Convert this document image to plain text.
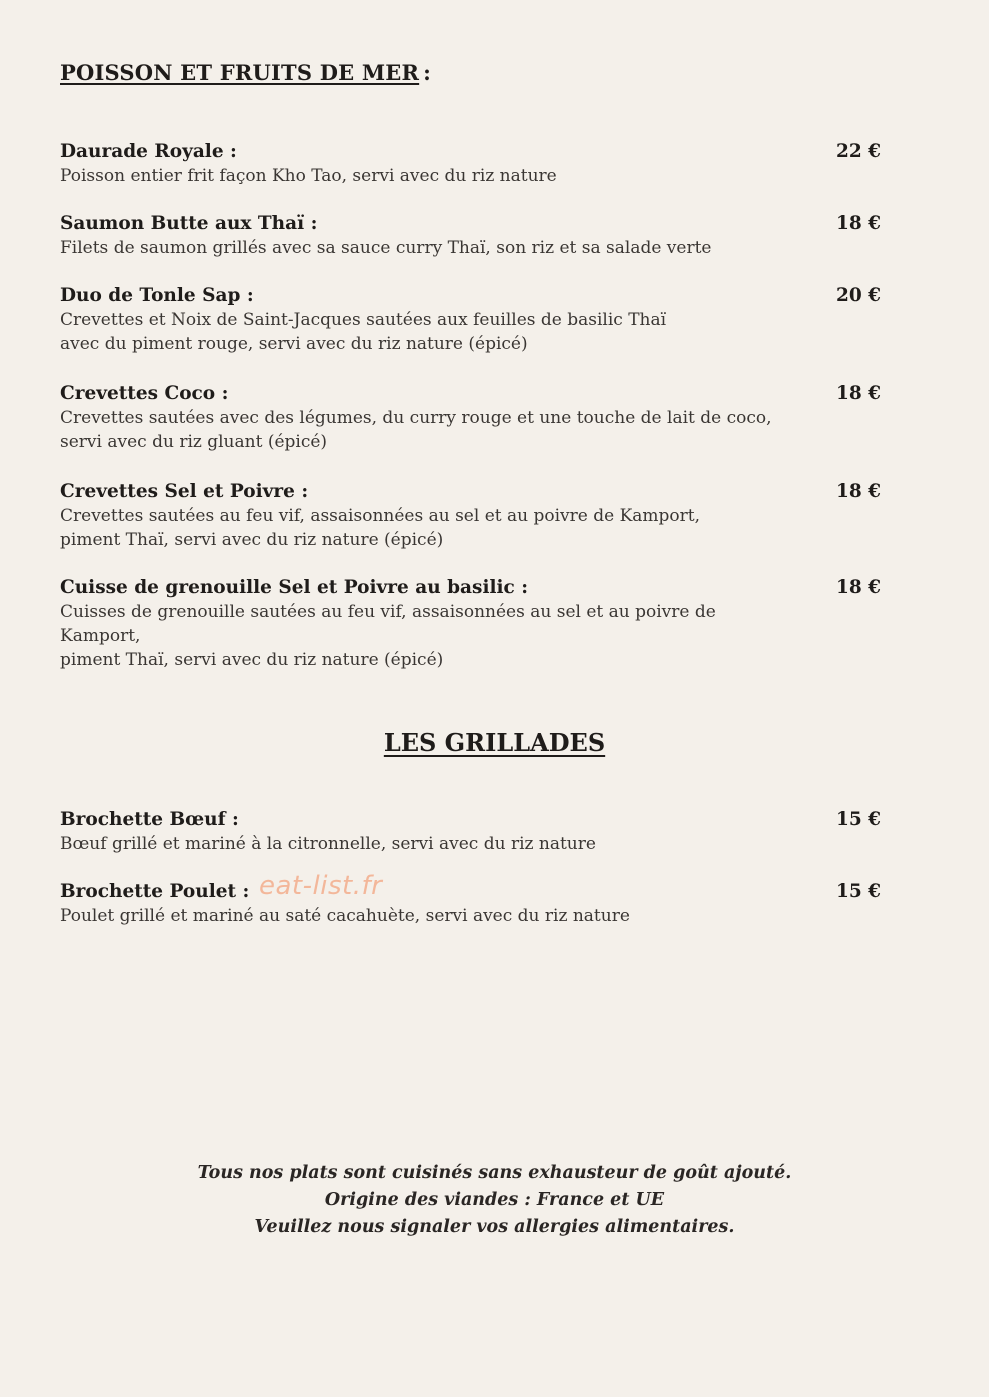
POISSON ET FRUITS DE MER :
Daurade Royale :
Poisson entier frit façon Kho Tao, servi avec du riz nature
22 €
Saumon Butte aux Thaï :
Filets de saumon grillés avec sa sauce curry Thaï, son riz et sa salade verte
18 €
Duo de Tonle Sap :
Crevettes et Noix de Saint-Jacques sautées aux feuilles de basilic Thaï
avec du piment rouge, servi avec du riz nature (épicé)
20 €
Crevettes Coco :
Crevettes sautées avec des légumes, du curry rouge et une touche de lait de coco,
servi avec du riz gluant (épicé)
18 €
Crevettes Sel et Poivre :
Crevettes sautées au feu vif, assaisonnées au sel et au poivre de Kamport,
piment Thaï, servi avec du riz nature (épicé)
18 €
Cuisse de grenouille Sel et Poivre au basilic :
Cuisses de grenouille sautées au feu vif, assaisonnées au sel et au poivre de Kamport,
piment Thaï, servi avec du riz nature (épicé)
18 €
LES GRILLADES
Brochette Bœuf :
Bœuf grillé et mariné à la citronnelle, servi avec du riz nature
15 €
Brochette Poulet :
Poulet grillé et mariné au saté cacahuète, servi avec du riz nature
15 €
eat-list.fr
Tous nos plats sont cuisinés sans exhausteur de goût ajouté.
Origine des viandes : France et UE
Veuillez nous signaler vos allergies alimentaires.
